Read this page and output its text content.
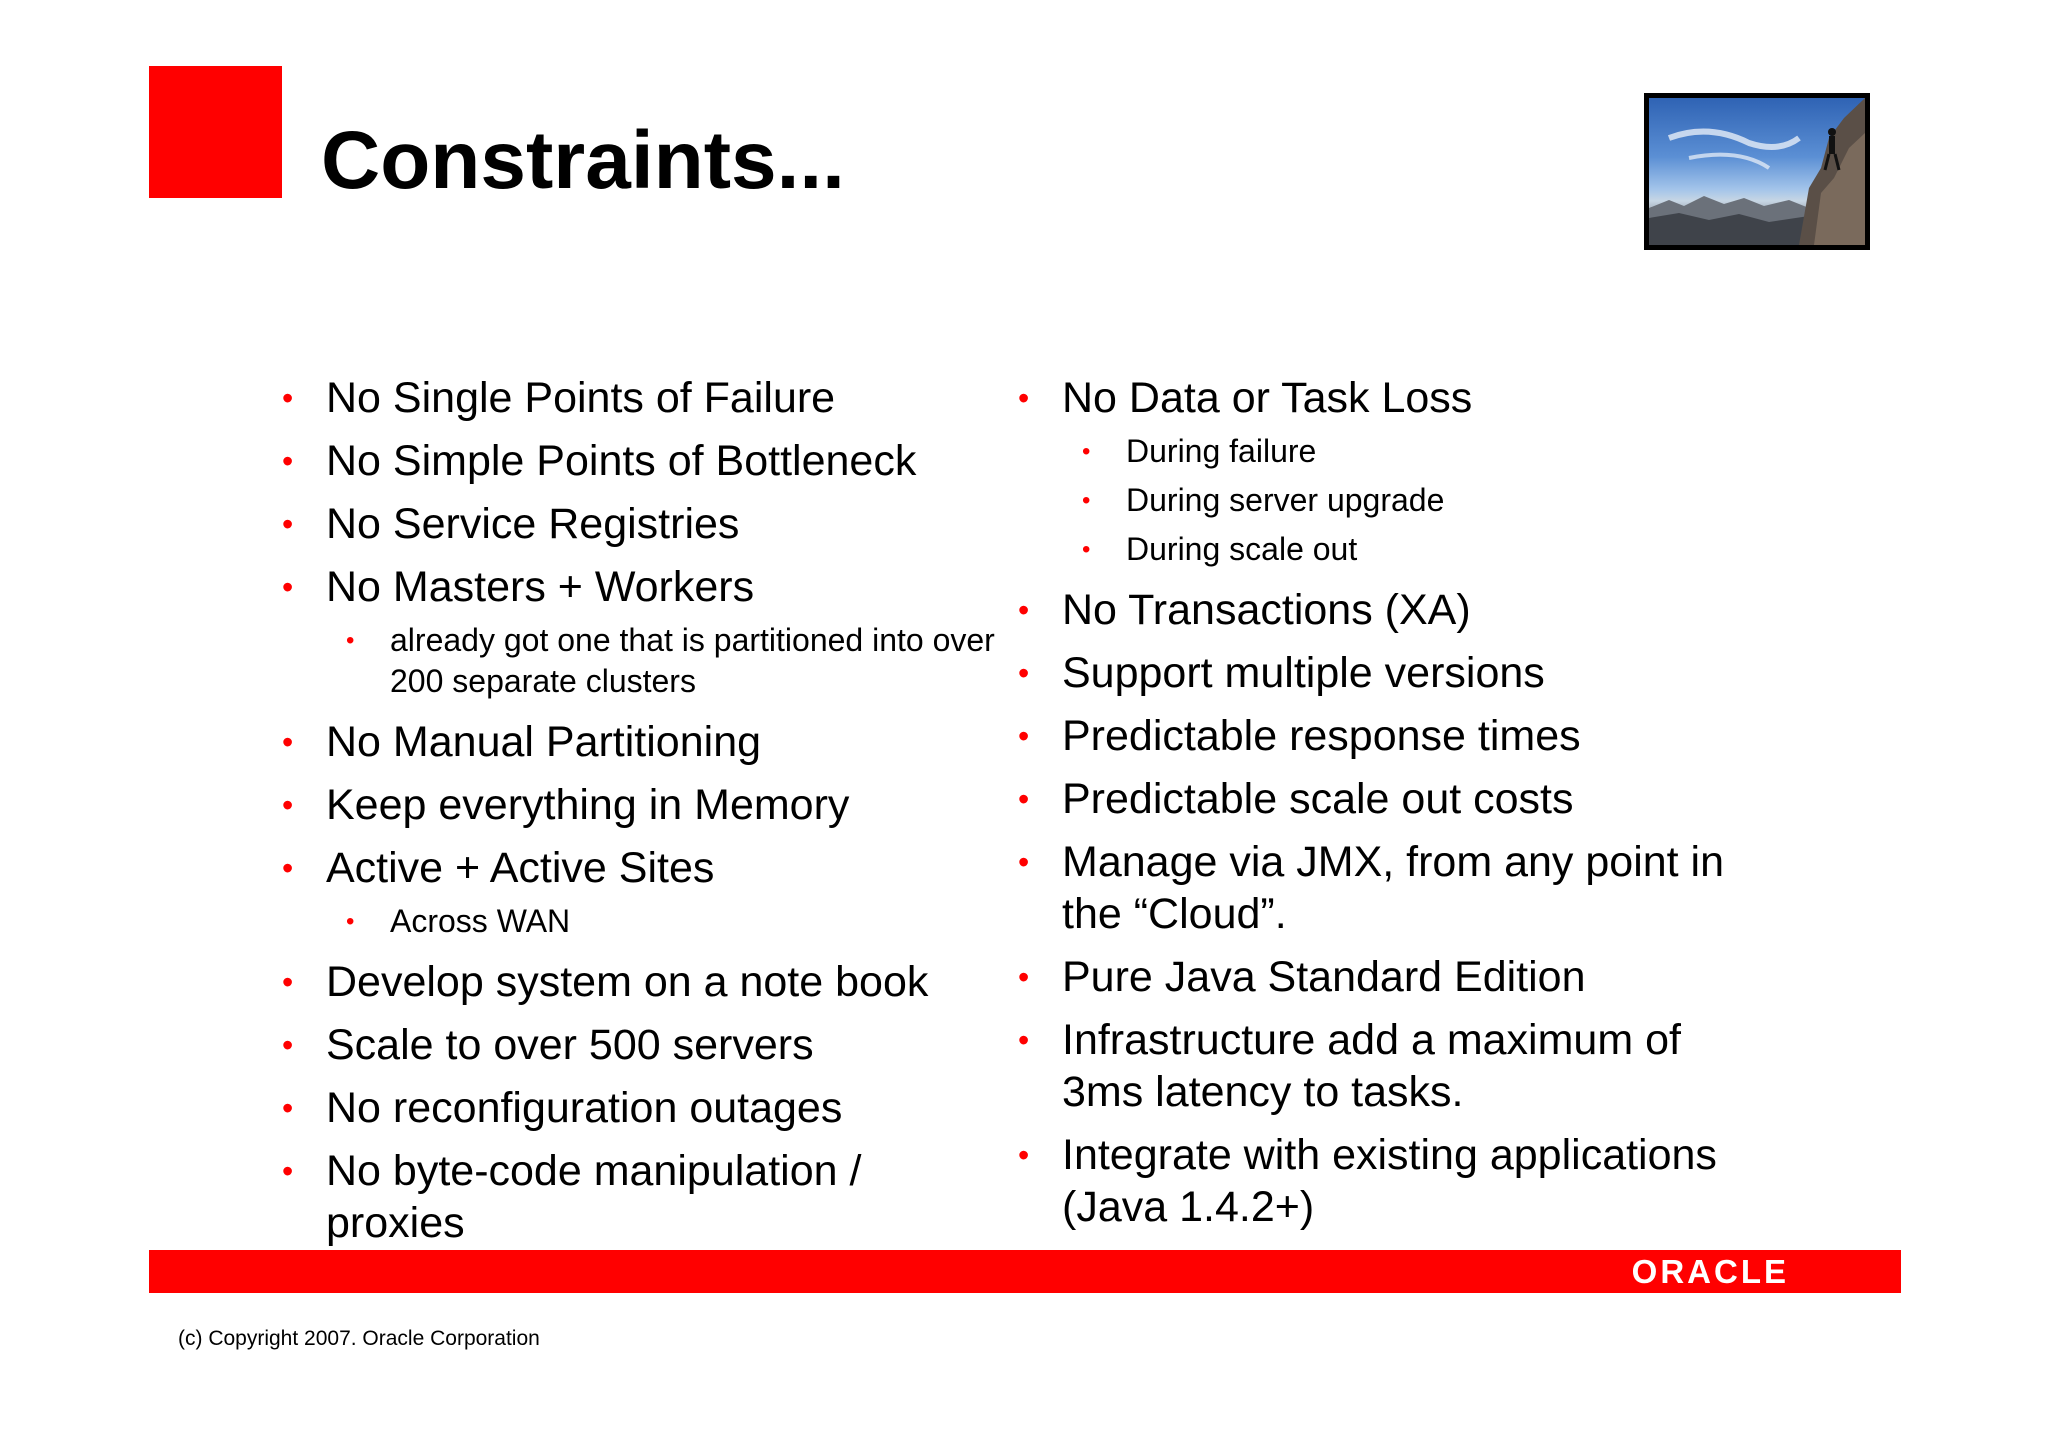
Constraints...
• No Single Points of Failure
• No Simple Points of Bottleneck
• No Service Registries
• No Masters + Workers
• already got one that is partitioned into over 200 separate clusters
• No Manual Partitioning
• Keep everything in Memory
• Active + Active Sites
• Across WAN
• Develop system on a note book
• Scale to over 500 servers
• No reconfiguration outages
• No byte-code manipulation / proxies
• No Data or Task Loss
• During failure
• During server upgrade
• During scale out
• No Transactions (XA)
• Support multiple versions
• Predictable response times
• Predictable scale out costs
• Manage via JMX, from any point in the “Cloud”.
• Pure Java Standard Edition
• Infrastructure add a maximum of 3ms latency to tasks.
• Integrate with existing applications (Java 1.4.2+)
ORACLE
(c) Copyright 2007. Oracle Corporation
